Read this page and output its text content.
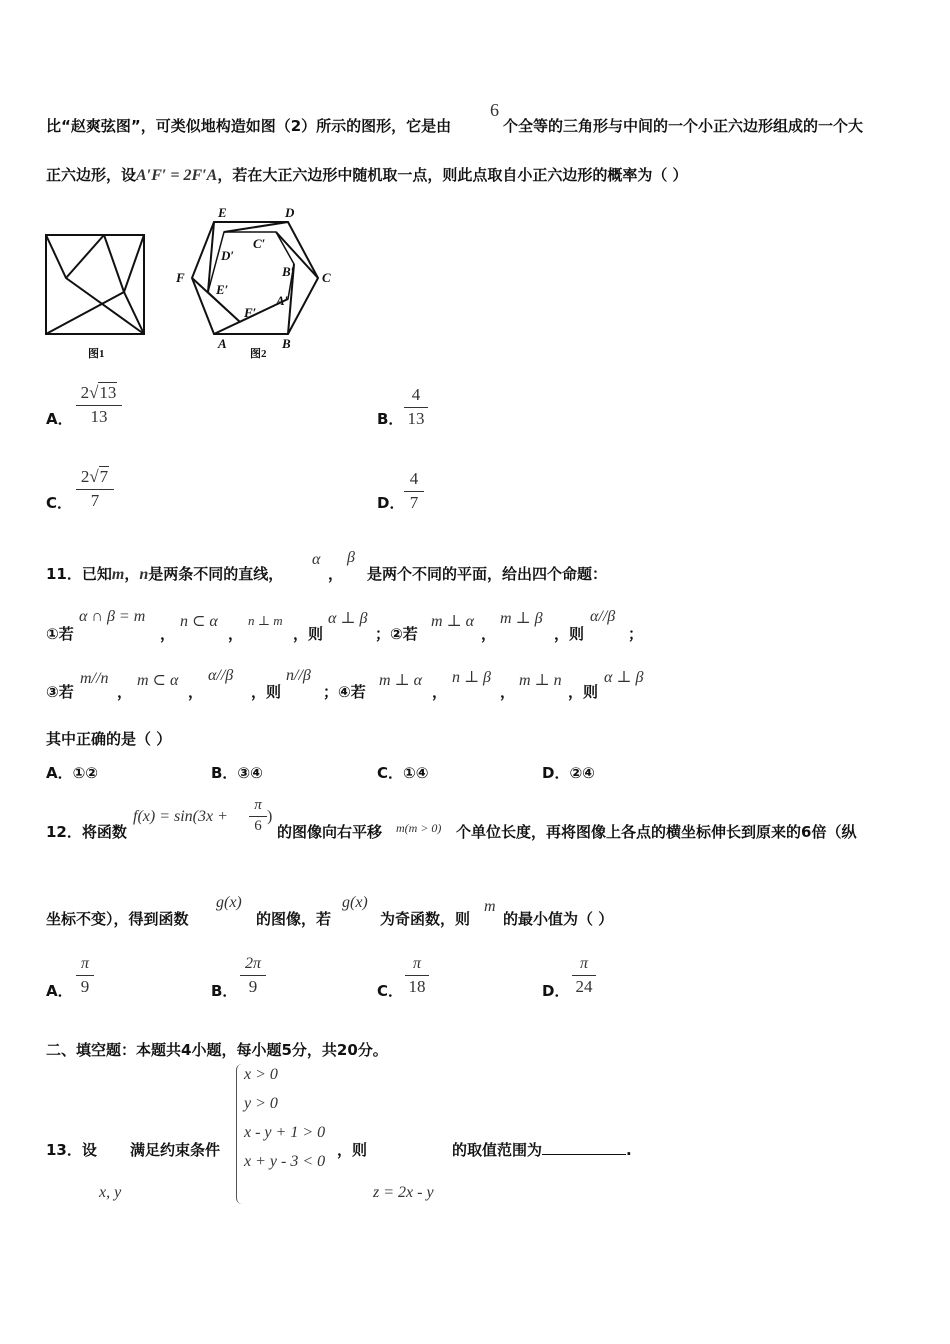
比“赵爽弦图”，可类似地构造如图（2）所示的图形，它是由
6
个全等的三角形与中间的一个小正六边形组成的一个大
正六边形，设A′F′ = 2F′A，若在大正六边形中随机取一点，则此点取自小正六边形的概率为（ ）
图1
E	D
C
B
A
F
C′
D′
B′
E′
A′
F′
图2
A．
2√13
13	B．
4
13
C．
2√7
7	D．
4
7
11．已知m，n是两条不同的直线，
α
，
β
是两个不同的平面，给出四个命题：
①若
α ∩ β = m
，
n ⊂ α
，
n ⊥ m
，则
α ⊥ β
；②若
m ⊥ α
，
m ⊥ β
，则
α//β
；
③若
m//n
，
m ⊂ α
，
α//β
，则
n//β
；④若
m ⊥ α
，
n ⊥ β
，
m ⊥ n
，则
α ⊥ β
其中正确的是（ ）
A．①②	B．③④	C．①④	D．②④
12．将函数
f(x) = sin(3x +
π
6
)
的图像向右平移 m(m > 0) 个单位长度，再将图像上各点的横坐标伸长到原来的6倍（纵
坐标不变），得到函数
g(x)
的图像，若
g(x)
为奇函数，则
m
的最小值为（ ）
A．
π
9	B．
2π
9	C．
π
18	D．
π
24
二、填空题：本题共4小题，每小题5分，共20分。
13．设
x, y
满足约束条件
x > 0
y > 0
x - y + 1 > 0
x + y - 3 < 0
，则
z = 2x - y
的取值范围为	.
